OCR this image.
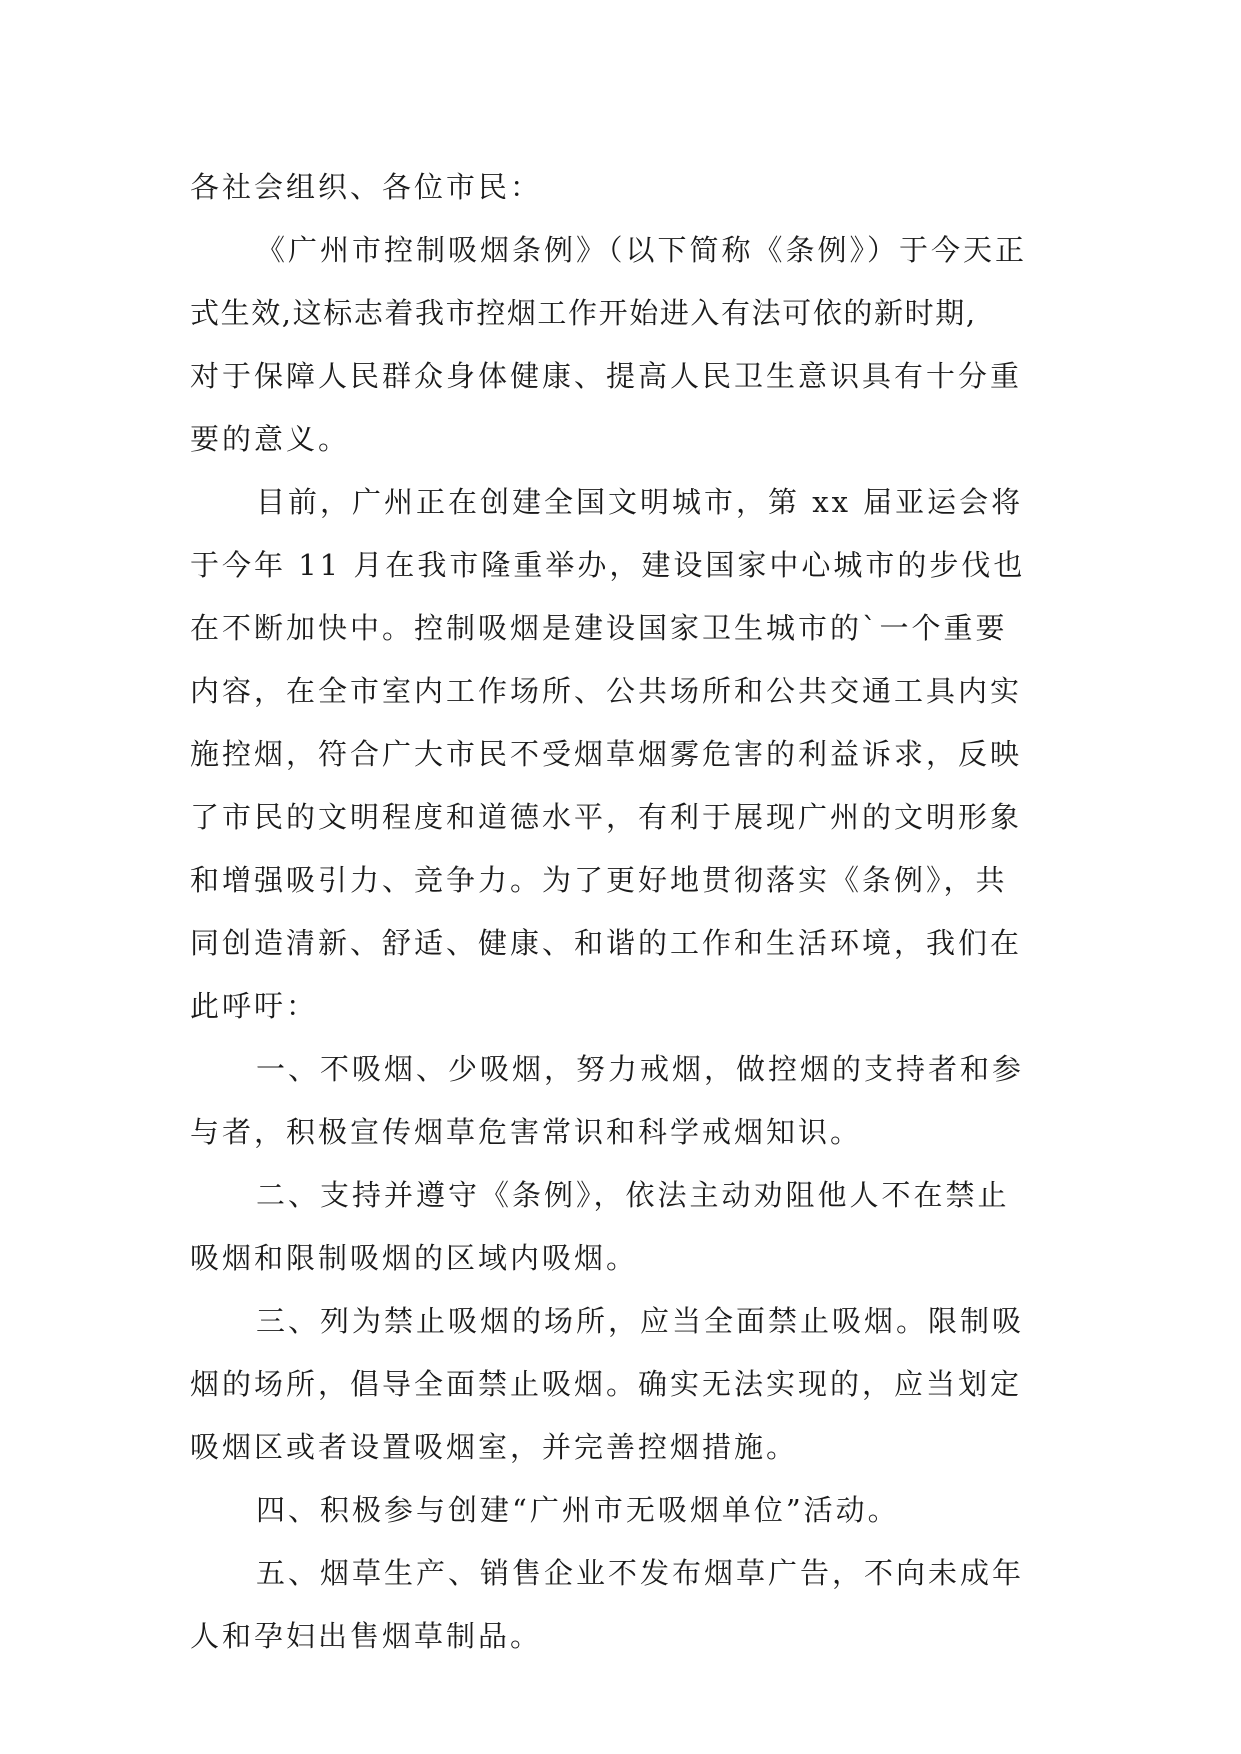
各社会组织、各位市民：
《广州市控制吸烟条例》（以下简称《条例》）于今天正
式生效,这标志着我市控烟工作开始进入有法可依的新时期,
对于保障人民群众身体健康、提高人民卫生意识具有十分重
要的意义。
目前，广州正在创建全国文明城市，第 xx 届亚运会将
于今年 11 月在我市隆重举办，建设国家中心城市的步伐也
在不断加快中。控制吸烟是建设国家卫生城市的`一个重要
内容，在全市室内工作场所、公共场所和公共交通工具内实
施控烟，符合广大市民不受烟草烟雾危害的利益诉求，反映
了市民的文明程度和道德水平，有利于展现广州的文明形象
和增强吸引力、竞争力。为了更好地贯彻落实《条例》，共
同创造清新、舒适、健康、和谐的工作和生活环境，我们在
此呼吁：
一、不吸烟、少吸烟，努力戒烟，做控烟的支持者和参
与者，积极宣传烟草危害常识和科学戒烟知识。
二、支持并遵守《条例》，依法主动劝阻他人不在禁止
吸烟和限制吸烟的区域内吸烟。
三、列为禁止吸烟的场所，应当全面禁止吸烟。限制吸
烟的场所，倡导全面禁止吸烟。确实无法实现的，应当划定
吸烟区或者设置吸烟室，并完善控烟措施。
四、积极参与创建“广州市无吸烟单位”活动。
五、烟草生产、销售企业不发布烟草广告，不向未成年
人和孕妇出售烟草制品。
